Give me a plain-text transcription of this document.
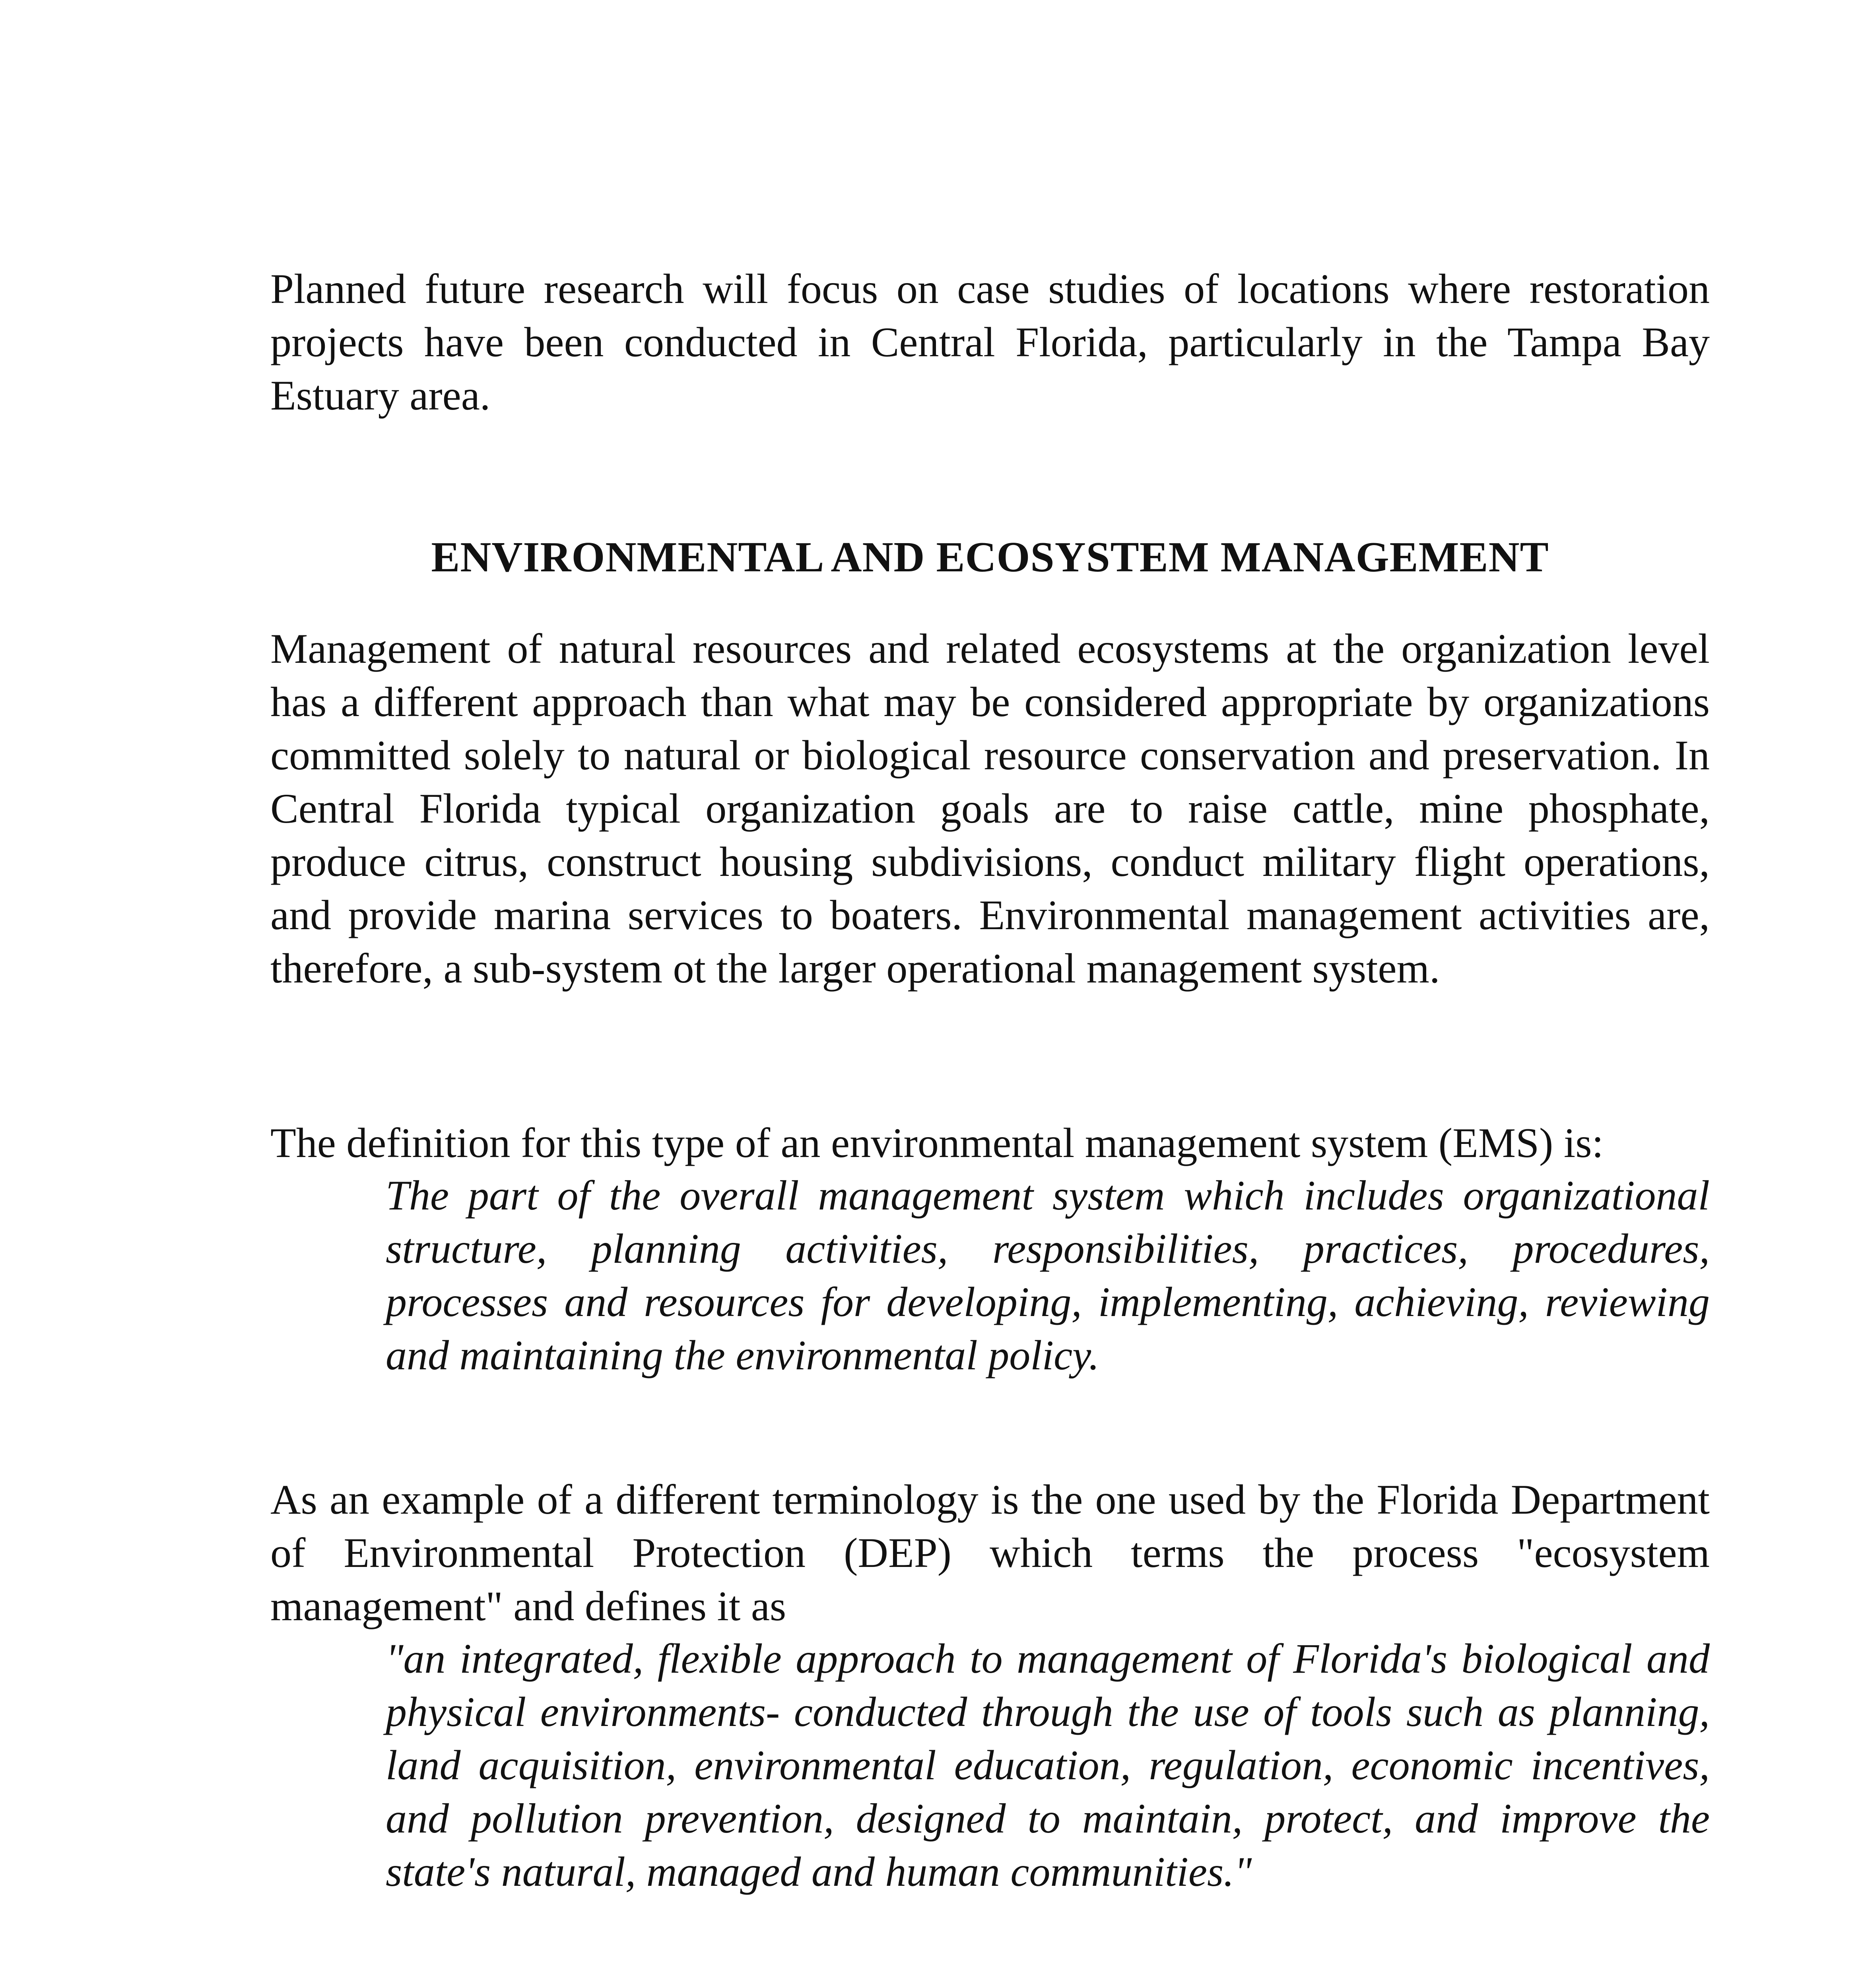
Planned future research will focus on case studies of locations where restoration projects have been conducted in Central Florida, particularly in the Tampa Bay Estuary area.

ENVIRONMENTAL AND ECOSYSTEM MANAGEMENT

Management of natural resources and related ecosystems at the organization level has a different approach than what may be considered appropriate by organizations committed solely to natural or biological resource conservation and preservation. In Central Florida typical organization goals are to raise cattle, mine phosphate, produce citrus, construct housing subdivisions, conduct military flight operations, and provide marina services to boaters. Environmental management activities are, therefore, a sub-system ot the larger operational management system.

The definition for this type of an environmental management system (EMS) is:

The part of the overall management system which includes organizational structure, planning activities, responsibilities, practices, procedures, processes and resources for developing, implementing, achieving, reviewing and maintaining the environmental policy.

As an example of a different terminology is the one used by the Florida Department of Environmental Protection (DEP) which terms the process "ecosystem management" and defines it as

"an integrated, flexible approach to management of Florida's biological and physical environments- conducted through the use of tools such as planning, land acquisition, environmental education, regulation, economic incentives, and pollution prevention, designed to maintain, protect, and improve the state's natural, managed and human communities."
